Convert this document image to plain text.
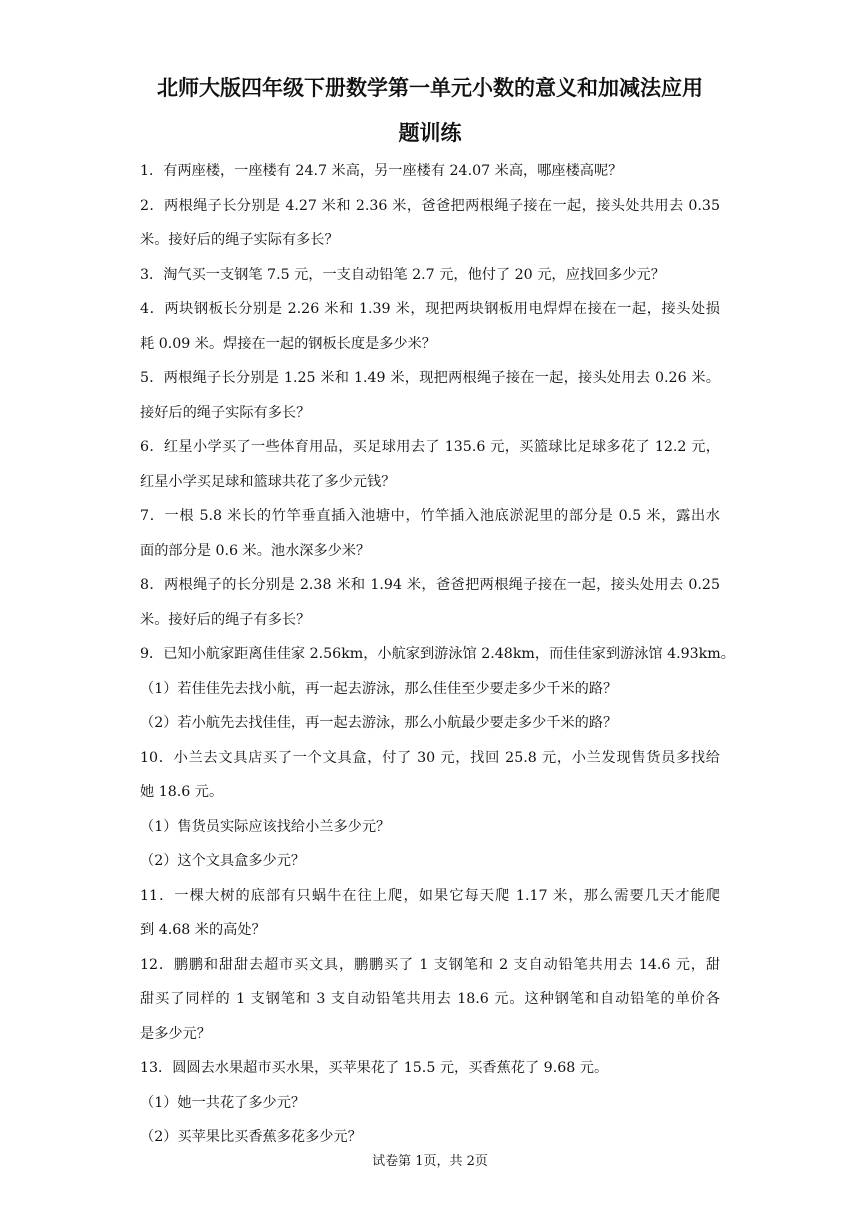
北师大版四年级下册数学第一单元小数的意义和加减法应用
题训练
1．有两座楼，一座楼有 24.7 米高，另一座楼有 24.07 米高，哪座楼高呢？
2．两根绳子长分别是 4.27 米和 2.36 米，爸爸把两根绳子接在一起，接头处共用去 0.35
米。接好后的绳子实际有多长？
3．淘气买一支钢笔 7.5 元，一支自动铅笔 2.7 元，他付了 20 元，应找回多少元？
4．两块钢板长分别是 2.26 米和 1.39 米，现把两块钢板用电焊焊在接在一起，接头处损
耗 0.09 米。焊接在一起的钢板长度是多少米？
5．两根绳子长分别是 1.25 米和 1.49 米，现把两根绳子接在一起，接头处用去 0.26 米。
接好后的绳子实际有多长？
6．红星小学买了一些体育用品，买足球用去了 135.6 元，买篮球比足球多花了 12.2 元，
红星小学买足球和篮球共花了多少元钱？
7．一根 5.8 米长的竹竿垂直插入池塘中，竹竿插入池底淤泥里的部分是 0.5 米，露出水
面的部分是 0.6 米。池水深多少米？
8．两根绳子的长分别是 2.38 米和 1.94 米，爸爸把两根绳子接在一起，接头处用去 0.25
米。接好后的绳子有多长？
9．已知小航家距离佳佳家 2.56km，小航家到游泳馆 2.48km，而佳佳家到游泳馆 4.93km。
（1）若佳佳先去找小航，再一起去游泳，那么佳佳至少要走多少千米的路？
（2）若小航先去找佳佳，再一起去游泳，那么小航最少要走多少千米的路？
10．小兰去文具店买了一个文具盒，付了 30 元，找回 25.8 元，小兰发现售货员多找给
她 18.6 元。
（1）售货员实际应该找给小兰多少元？
（2）这个文具盒多少元？
11．一棵大树的底部有只蜗牛在往上爬，如果它每天爬 1.17 米，那么需要几天才能爬
到 4.68 米的高处？
12．鹏鹏和甜甜去超市买文具，鹏鹏买了 1 支钢笔和 2 支自动铅笔共用去 14.6 元，甜
甜买了同样的 1 支钢笔和 3 支自动铅笔共用去 18.6 元。这种钢笔和自动铅笔的单价各
是多少元？
13．圆圆去水果超市买水果，买苹果花了 15.5 元，买香蕉花了 9.68 元。
（1）她一共花了多少元？
（2）买苹果比买香蕉多花多少元？
试卷第 1页，共 2页
